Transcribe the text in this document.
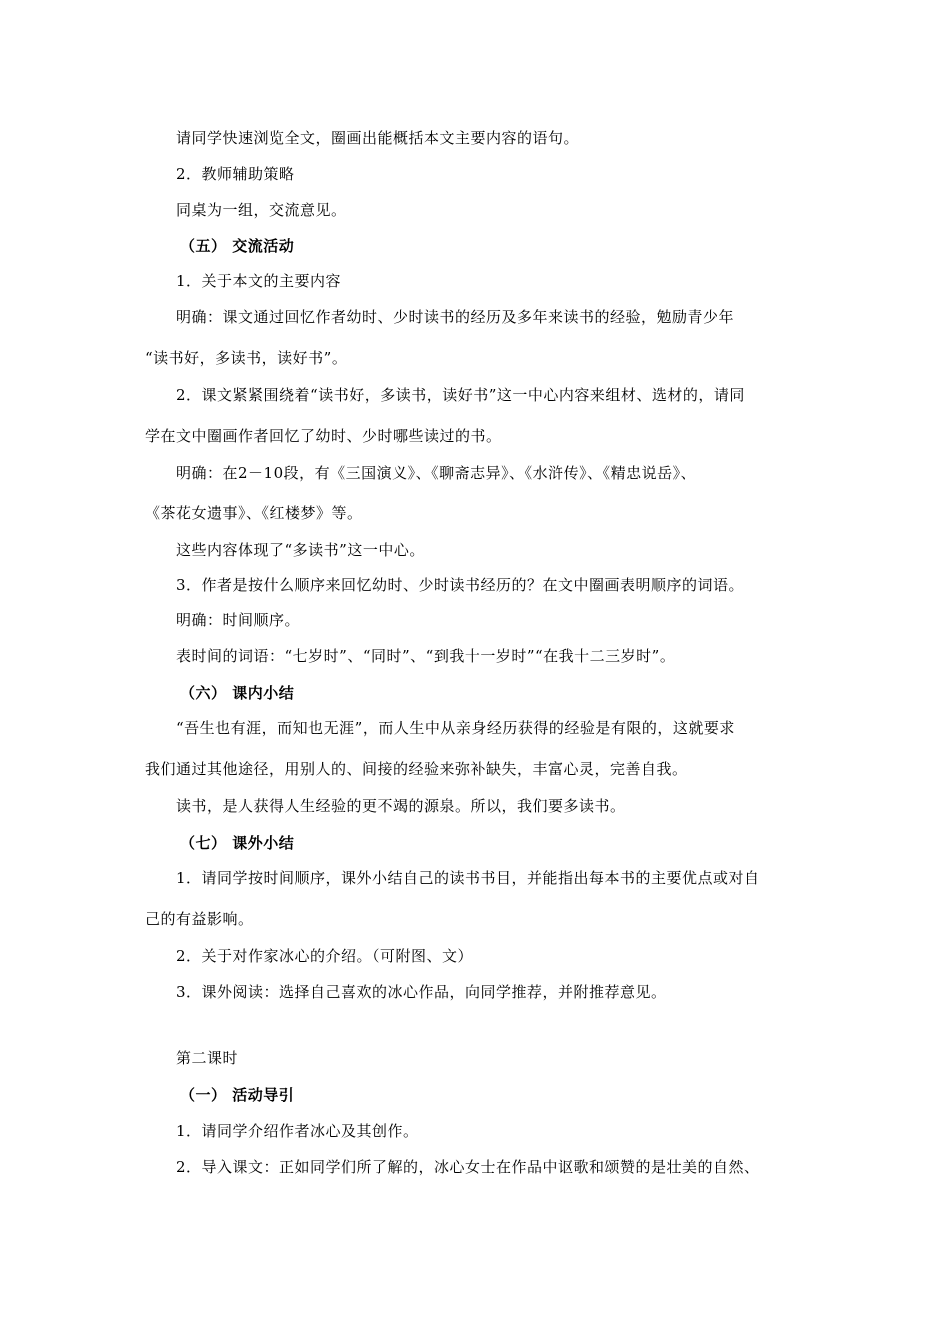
请同学快速浏览全文，圈画出能概括本文主要内容的语句。
2．教师辅助策略
同桌为一组，交流意见。
（五） 交流活动
1．关于本文的主要内容
明确：课文通过回忆作者幼时、少时读书的经历及多年来读书的经验，勉励青少年
“读书好，多读书，读好书”。
2．课文紧紧围绕着“读书好，多读书，读好书”这一中心内容来组材、选材的，请同
学在文中圈画作者回忆了幼时、少时哪些读过的书。
明确：在2－10段，有《三国演义》、《聊斋志异》、《水浒传》、《精忠说岳》、
《茶花女遗事》、《红楼梦》等。
这些内容体现了“多读书”这一中心。
3．作者是按什么顺序来回忆幼时、少时读书经历的？在文中圈画表明顺序的词语。
明确：时间顺序。
表时间的词语：“七岁时”、“同时”、“到我十一岁时”“在我十二三岁时”。
（六） 课内小结
“吾生也有涯，而知也无涯”，而人生中从亲身经历获得的经验是有限的，这就要求
我们通过其他途径，用别人的、间接的经验来弥补缺失，丰富心灵，完善自我。
读书，是人获得人生经验的更不竭的源泉。所以，我们要多读书。
（七） 课外小结
1．请同学按时间顺序，课外小结自己的读书书目，并能指出每本书的主要优点或对自
己的有益影响。
2．关于对作家冰心的介绍。（可附图、文）
3．课外阅读：选择自己喜欢的冰心作品，向同学推荐，并附推荐意见。
第二课时
（一） 活动导引
1．请同学介绍作者冰心及其创作。
2．导入课文：正如同学们所了解的，冰心女士在作品中讴歌和颂赞的是壮美的自然、
